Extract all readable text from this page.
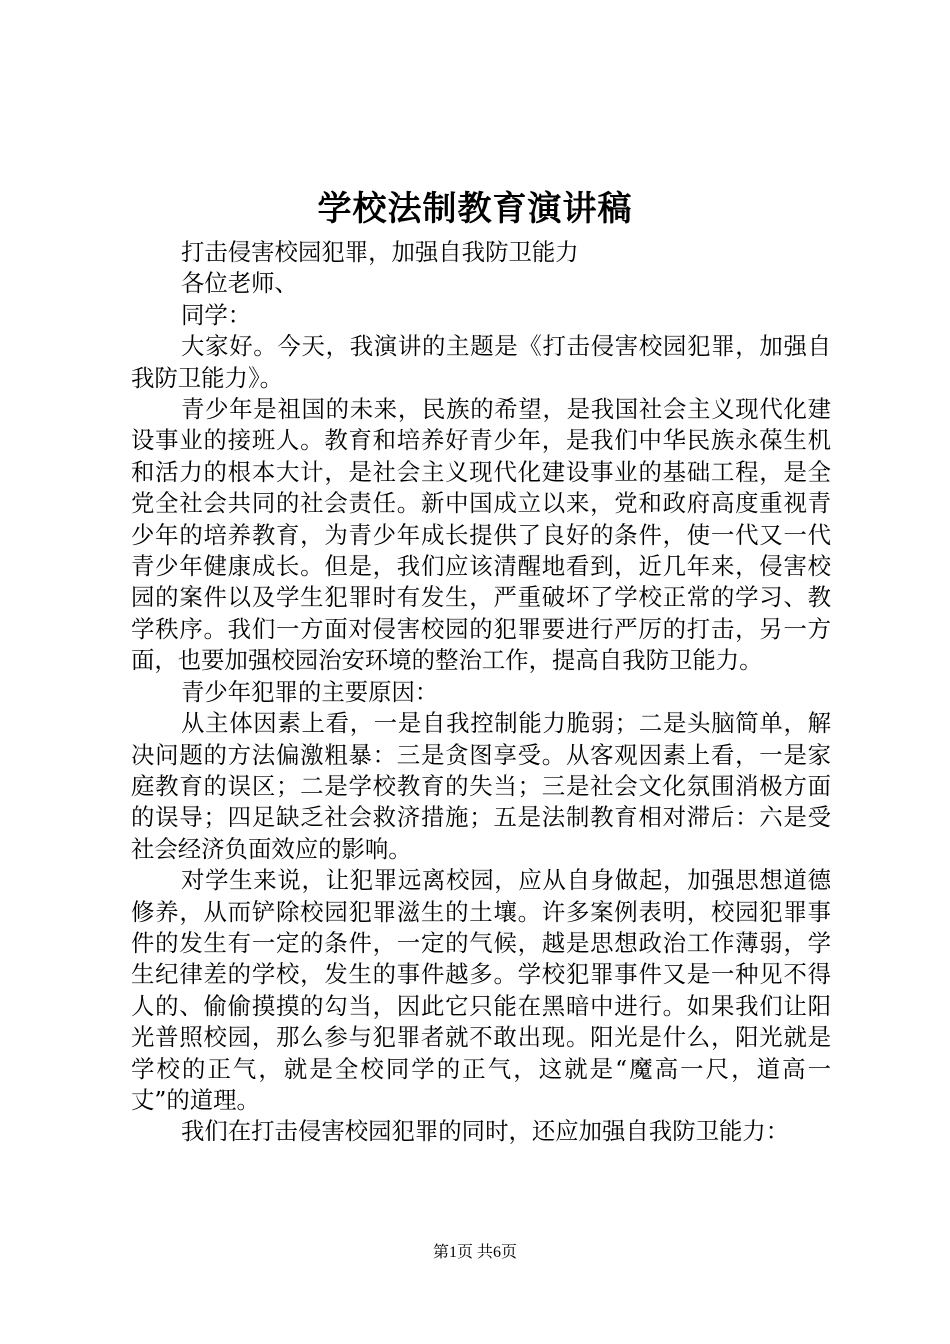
学校法制教育演讲稿

打击侵害校园犯罪，加强自我防卫能力

各位老师、

同学：

大家好。今天，我演讲的主题是《打击侵害校园犯罪，加强自我防卫能力》。

青少年是祖国的未来，民族的希望，是我国社会主义现代化建设事业的接班人。教育和培养好青少年，是我们中华民族永葆生机和活力的根本大计，是社会主义现代化建设事业的基础工程，是全党全社会共同的社会责任。新中国成立以来，党和政府高度重视青少年的培养教育，为青少年成长提供了良好的条件，使一代又一代青少年健康成长。但是，我们应该清醒地看到，近几年来，侵害校园的案件以及学生犯罪时有发生，严重破坏了学校正常的学习、教学秩序。我们一方面对侵害校园的犯罪要进行严厉的打击，另一方面，也要加强校园治安环境的整治工作，提高自我防卫能力。

青少年犯罪的主要原因：

从主体因素上看，一是自我控制能力脆弱；二是头脑简单，解决问题的方法偏激粗暴：三是贪图享受。从客观因素上看，一是家庭教育的误区；二是学校教育的失当；三是社会文化氛围消极方面的误导；四足缺乏社会救济措施；五是法制教育相对滞后：六是受社会经济负面效应的影响。

对学生来说，让犯罪远离校园，应从自身做起，加强思想道德修养，从而铲除校园犯罪滋生的土壤。许多案例表明，校园犯罪事件的发生有一定的条件，一定的气候，越是思想政治工作薄弱，学生纪律差的学校，发生的事件越多。学校犯罪事件又是一种见不得人的、偷偷摸摸的勾当，因此它只能在黑暗中进行。如果我们让阳光普照校园，那么参与犯罪者就不敢出现。阳光是什么，阳光就是学校的正气，就是全校同学的正气，这就是“魔高一尺，道高一丈”的道理。

我们在打击侵害校园犯罪的同时，还应加强自我防卫能力：

第1页 共6页
